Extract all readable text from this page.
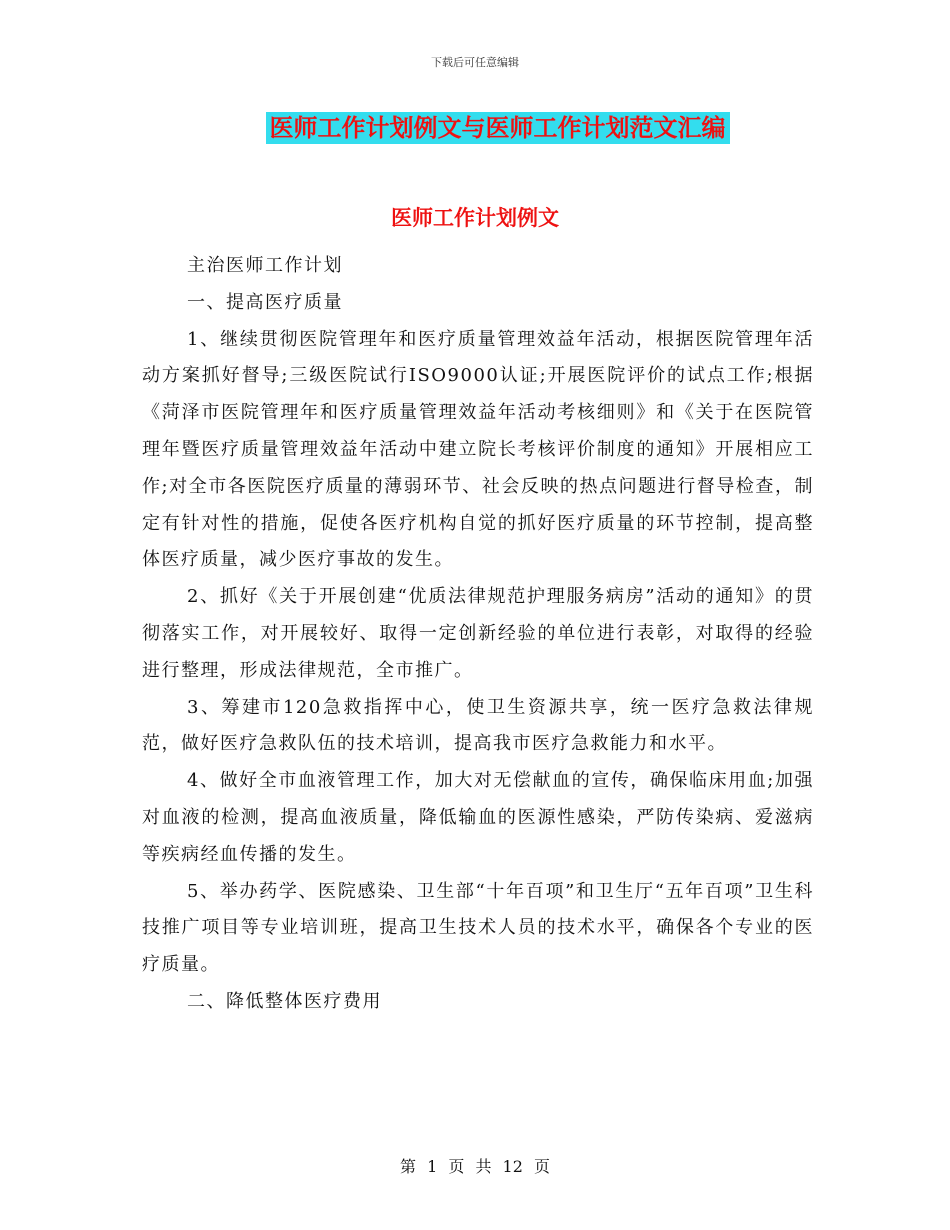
下载后可任意编辑
医师工作计划例文与医师工作计划范文汇编
医师工作计划例文

主治医师工作计划

一、提高医疗质量

1、继续贯彻医院管理年和医疗质量管理效益年活动，根据医院管理年活动方案抓好督导;三级医院试行ISO9000认证;开展医院评价的试点工作;根据《菏泽市医院管理年和医疗质量管理效益年活动考核细则》和《关于在医院管理年暨医疗质量管理效益年活动中建立院长考核评价制度的通知》开展相应工作;对全市各医院医疗质量的薄弱环节、社会反映的热点问题进行督导检查，制定有针对性的措施，促使各医疗机构自觉的抓好医疗质量的环节控制，提高整体医疗质量，减少医疗事故的发生。

2、抓好《关于开展创建“优质法律规范护理服务病房”活动的通知》的贯彻落实工作，对开展较好、取得一定创新经验的单位进行表彰，对取得的经验进行整理，形成法律规范，全市推广。

3、筹建市120急救指挥中心，使卫生资源共享，统一医疗急救法律规范，做好医疗急救队伍的技术培训，提高我市医疗急救能力和水平。

4、做好全市血液管理工作，加大对无偿献血的宣传，确保临床用血;加强对血液的检测，提高血液质量，降低输血的医源性感染，严防传染病、爱滋病等疾病经血传播的发生。

5、举办药学、医院感染、卫生部“十年百项”和卫生厅“五年百项”卫生科技推广项目等专业培训班，提高卫生技术人员的技术水平，确保各个专业的医疗质量。

二、降低整体医疗费用

第 1 页 共 12 页
